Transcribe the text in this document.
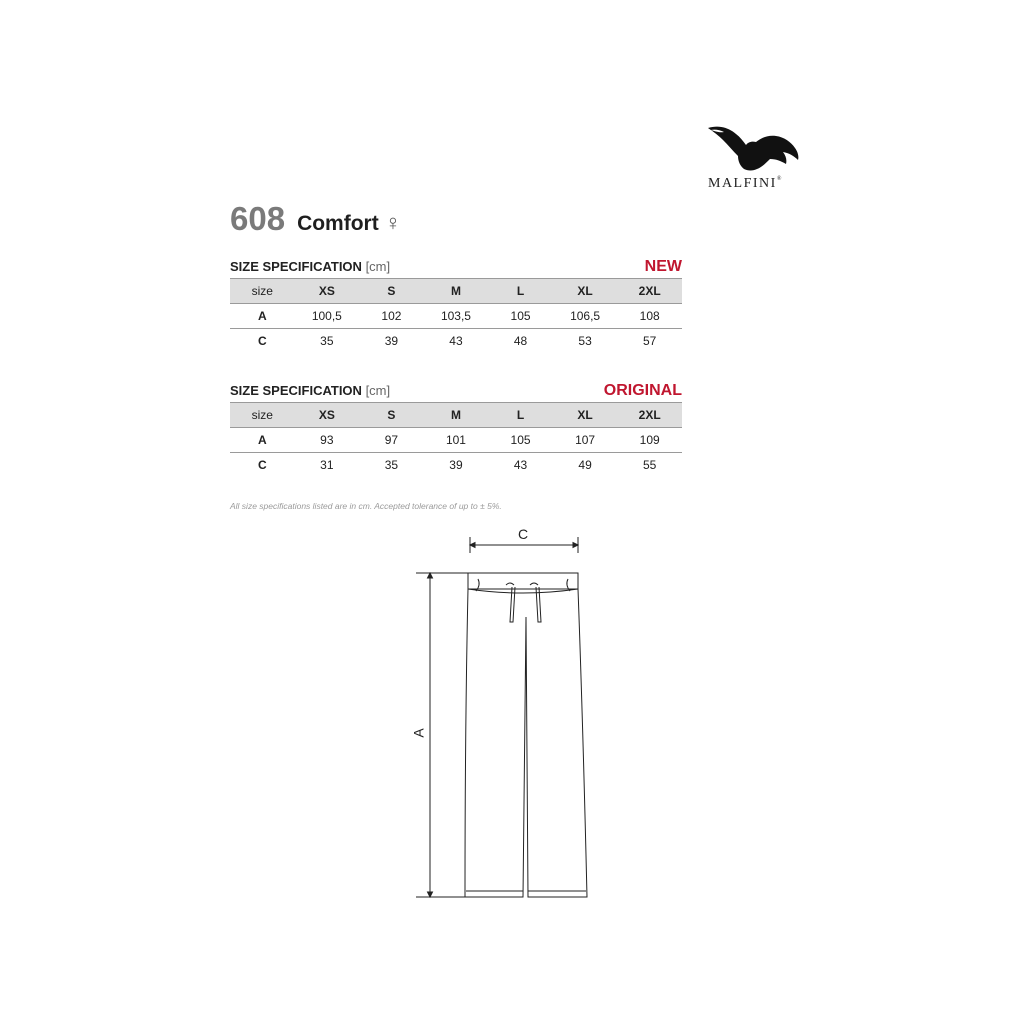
MALFINI®
608 Comfort ♀
SIZE SPECIFICATION [cm]	NEW
size	XS	S	M	L	XL	2XL
A	100,5	102	103,5	105	106,5	108
C	35	39	43	48	53	57
SIZE SPECIFICATION [cm]	ORIGINAL
size	XS	S	M	L	XL	2XL
A	93	97	101	105	107	109
C	31	35	39	43	49	55
All size specifications listed are in cm. Accepted tolerance of up to ± 5%.
C
A
